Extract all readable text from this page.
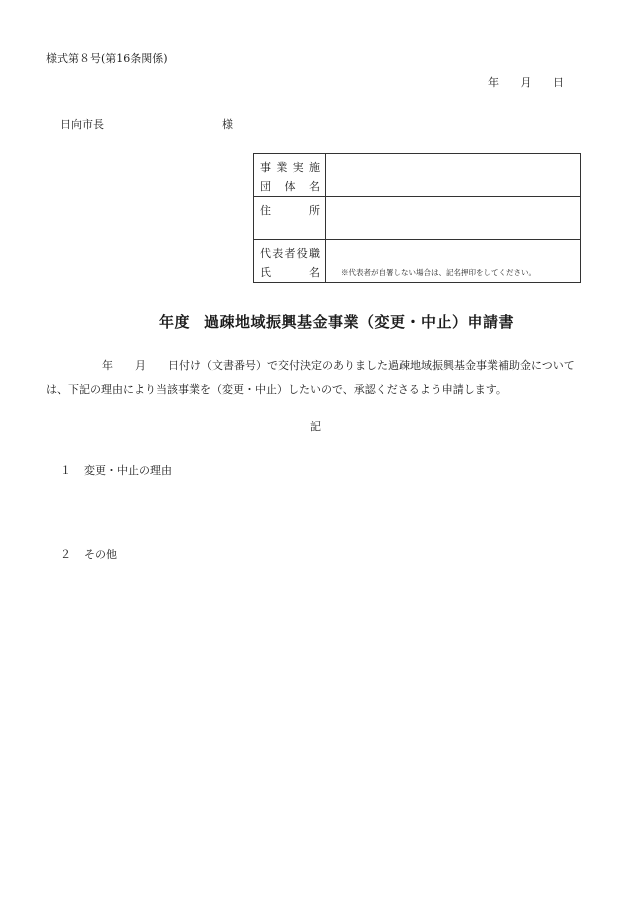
様式第８号(第16条関係)
年 月 日
日向市長	様
事 業 実 施
団　体　名	

住 所	

代表者役職
氏 名	※代表者が自署しない場合は、記名押印をしてください。
年度 過疎地域振興基金事業（変更・中止）申請書
年 月 日付け（文書番号）で交付決定のありました過疎地域振興基金事業補助金については、下記の理由により当該事業を（変更・中止）したいので、承認くださるよう申請します。
記
１ 変更・中止の理由
２ その他
